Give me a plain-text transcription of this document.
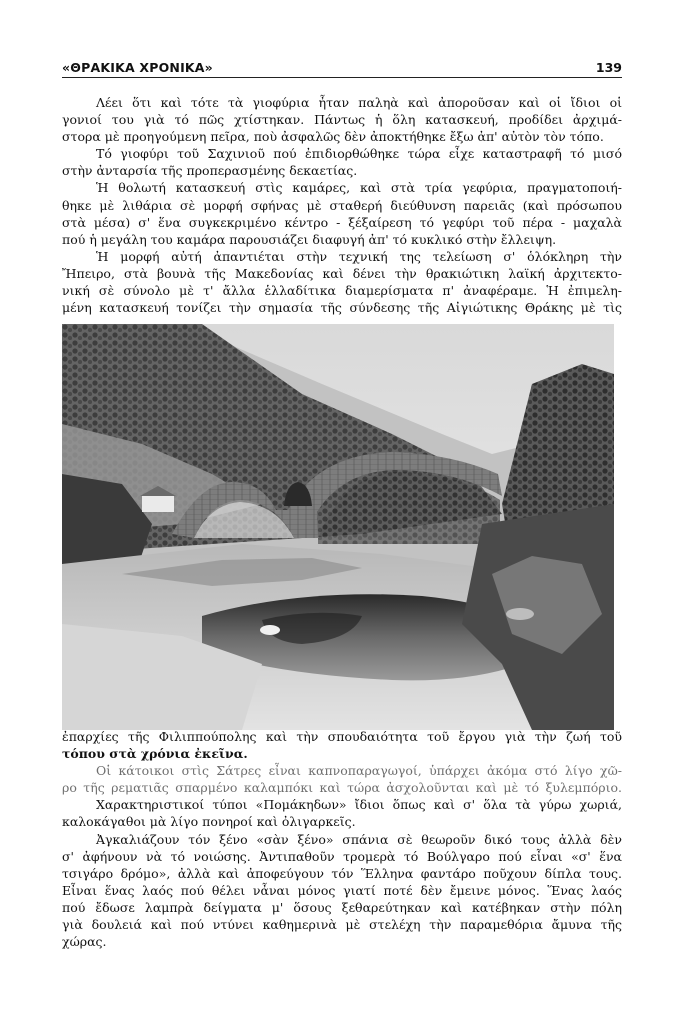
«ΘΡΑΚΙΚΑ ΧΡΟΝΙΚΑ»	139
Λέει ὅτι καὶ τότε τὰ γιοφύρια ἦταν παληὰ καὶ ἀποροῦσαν καὶ οἱ ἴδιοι οἱ
γονιοί του γιὰ τό πῶς χτίστηκαν. Πάντως ἡ ὅλη κατασκευή, προδίδει ἀρχιμά-
στορα μὲ προηγούμενη πεῖρα, ποὺ ἀσφαλῶς δὲν ἀποκτήθηκε ἔξω ἀπ' αὐτὸν τὸν τόπο.
Τό γιοφύρι τοῦ Σαχινιοῦ πού ἐπιδιορθώθηκε τώρα εἶχε καταστραφῆ τό μισό
στὴν ἀνταρσία τῆς προπερασμένης δεκαετίας.
Ἡ θολωτή κατασκευή στὶς καμάρες, καὶ στὰ τρία γεφύρια, πραγματοποιή-
θηκε μὲ λιθάρια σὲ μορφή σφήνας μὲ σταθερή διεύθυνση παρειᾶς (καὶ πρόσωπου
στὰ μέσα) σ' ἕνα συγκεκριμένο κέντρο - ξέξαίρεση τό γεφύρι τοῦ πέρα - μαχαλὰ
πού ἡ μεγάλη του καμάρα παρουσιάζει διαφυγή ἀπ' τό κυκλικό στὴν ἔλλειψη.
Ἡ μορφή αὐτή ἀπαντιέται στὴν τεχνική της τελείωση σ' ὁλόκληρη τὴν
Ἤπειρο, στὰ βουνὰ τῆς Μακεδονίας καὶ δένει τὴν θρακιώτικη λαϊκή ἀρχιτεκτο-
νική σὲ σύνολο μὲ τ' ἄλλα ἑλλαδίτικα διαμερίσματα π' ἀναφέραμε. Ἡ ἐπιμελη-
μένη κατασκευή τονίζει τὴν σημασία τῆς σύνδεσης τῆς Αἰγιώτικης Θράκης μὲ τὶς
ἐπαρχίες τῆς Φιλιππούπολης καὶ τὴν σπουδαιότητα τοῦ ἔργου γιὰ τὴν ζωή τοῦ
τόπου στὰ χρόνια ἐκεῖνα.
Οἱ κάτοικοι στὶς Σάτρες εἶναι καπνοπαραγωγοί, ὑπάρχει ἀκόμα στό λίγο χῶ-
ρο τῆς ρεματιᾶς σπαρμένο καλαμπόκι καὶ τώρα ἀσχολοῦνται καὶ μὲ τό ξυλεμπόριο.
Χαρακτηριστικοί τύποι «Πομάκηδων» ἴδιοι ὅπως καὶ σ' ὅλα τὰ γύρω χωριά,
καλοκάγαθοι μὰ λίγο πονηροί καὶ ὀλιγαρκεῖς.
Ἀγκαλιάζουν τόν ξένο «σὰν ξένο» σπάνια σὲ θεωροῦν δικό τους ἀλλὰ δὲν
σ' ἀφήνουν νὰ τό νοιώσης. Ἀντιπαθοῦν τρομερὰ τό Βούλγαρο πού εἶναι «σ' ἕνα
τσιγάρο δρόμο», ἀλλὰ καὶ ἀποφεύγουν τόν Ἕλληνα φαντάρο ποῦχουν δίπλα τους.
Εἶναι ἕνας λαός πού θέλει νἆναι μόνος γιατί ποτέ δὲν ἔμεινε μόνος. Ἕνας λαός
πού ἔδωσε λαμπρὰ δείγματα μ' ὅσους ξεθαρεύτηκαν καὶ κατέβηκαν στὴν πόλη
γιὰ δουλειά καὶ πού ντύνει καθημερινὰ μὲ στελέχη τὴν παραμεθόρια ἄμυνα τῆς
χώρας.
